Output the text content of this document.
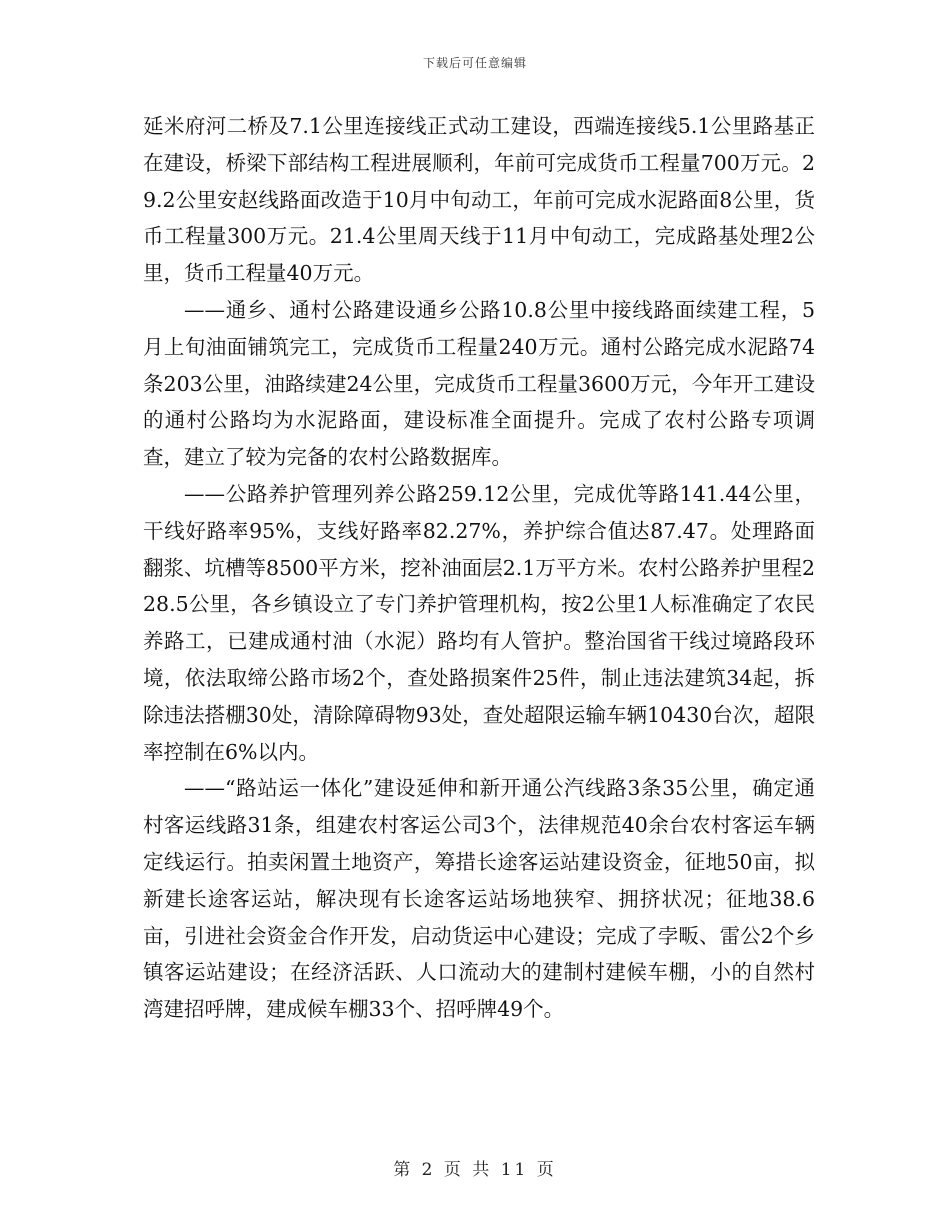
下载后可任意编辑

延米府河二桥及7.1公里连接线正式动工建设，西端连接线5.1公里路基正在建设，桥梁下部结构工程进展顺利，年前可完成货币工程量700万元。29.2公里安赵线路面改造于10月中旬动工，年前可完成水泥路面8公里，货币工程量300万元。21.4公里周天线于11月中旬动工，完成路基处理2公里，货币工程量40万元。

——通乡、通村公路建设通乡公路10.8公里中接线路面续建工程，5月上旬油面铺筑完工，完成货币工程量240万元。通村公路完成水泥路74条203公里，油路续建24公里，完成货币工程量3600万元，今年开工建设的通村公路均为水泥路面，建设标准全面提升。完成了农村公路专项调查，建立了较为完备的农村公路数据库。

——公路养护管理列养公路259.12公里，完成优等路141.44公里，干线好路率95%，支线好路率82.27%，养护综合值达87.47。处理路面翻浆、坑槽等8500平方米，挖补油面层2.1万平方米。农村公路养护里程228.5公里，各乡镇设立了专门养护管理机构，按2公里1人标准确定了农民养路工，已建成通村油（水泥）路均有人管护。整治国省干线过境路段环境，依法取缔公路市场2个，查处路损案件25件，制止违法建筑34起，拆除违法搭棚30处，清除障碍物93处，查处超限运输车辆10430台次，超限率控制在6%以内。

——“路站运一体化”建设延伸和新开通公汽线路3条35公里，确定通村客运线路31条，组建农村客运公司3个，法律规范40余台农村客运车辆定线运行。拍卖闲置土地资产，筹措长途客运站建设资金，征地50亩，拟新建长途客运站，解决现有长途客运站场地狭窄、拥挤状况；征地38.6亩，引进社会资金合作开发，启动货运中心建设；完成了孛畈、雷公2个乡镇客运站建设；在经济活跃、人口流动大的建制村建候车棚，小的自然村湾建招呼牌，建成候车棚33个、招呼牌49个。

第 2 页 共 11 页
